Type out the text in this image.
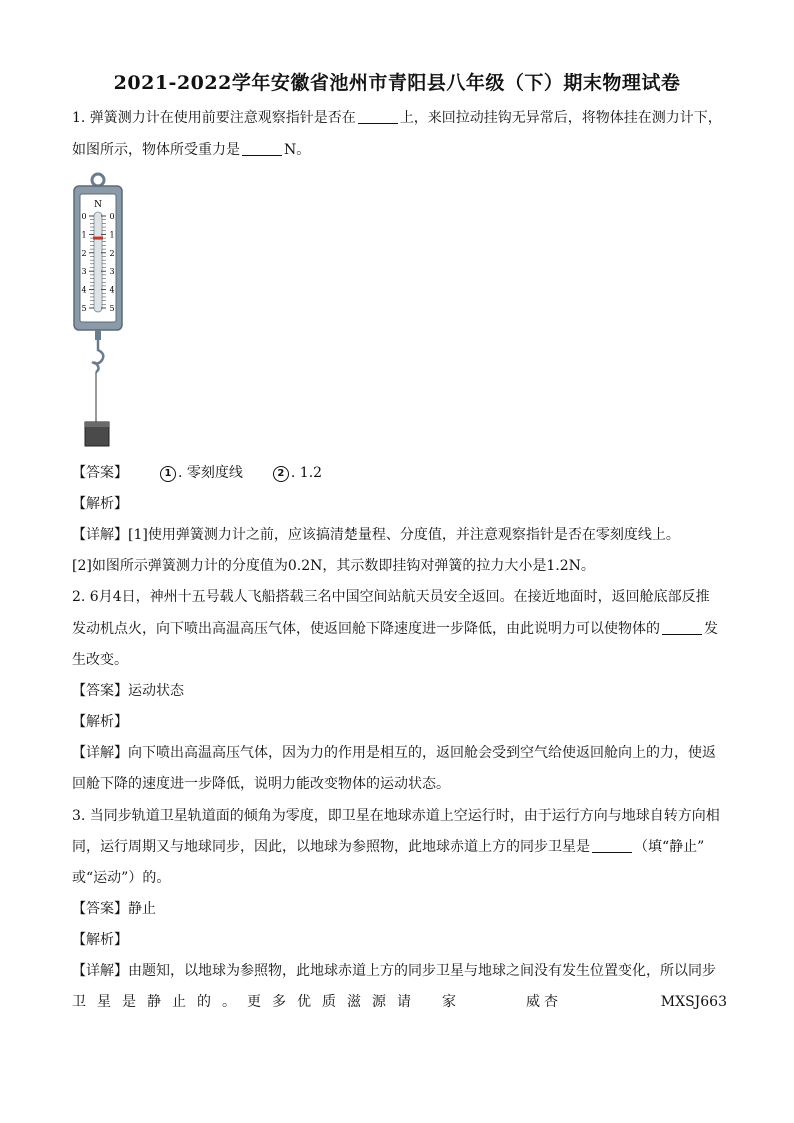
2021-2022学年安徽省池州市青阳县八年级（下）期末物理试卷
1. 弹簧测力计在使用前要注意观察指针是否在	上，来回拉动挂钩无异常后，将物体挂在测力计下，
如图所示，物体所受重力是	N。
N
0
1
2
3
4
5
0
1
2
3
4
5
【答案】	1 . 零刻度线	2 . 1.2
【解析】
【详解】[1]使用弹簧测力计之前，应该搞清楚量程、分度值，并注意观察指针是否在零刻度线上。
[2]如图所示弹簧测力计的分度值为0.2N，其示数即挂钩对弹簧的拉力大小是1.2N。
2. 6月4日，神州十五号载人飞船搭载三名中国空间站航天员安全返回。在接近地面时，返回舱底部反推
发动机点火，向下喷出高温高压气体，使返回舱下降速度进一步降低，由此说明力可以使物体的	发
生改变。
【答案】运动状态
【解析】
【详解】向下喷出高温高压气体，因为力的作用是相互的，返回舱会受到空气给使返回舱向上的力，使返
回舱下降的速度进一步降低，说明力能改变物体的运动状态。
3. 当同步轨道卫星轨道面的倾角为零度，即卫星在地球赤道上空运行时，由于运行方向与地球自转方向相
同，运行周期又与地球同步，因此，以地球为参照物，此地球赤道上方的同步卫星是	（填“静止”
或“运动”）的。
【答案】静止
【解析】
【详解】由题知，以地球为参照物，此地球赤道上方的同步卫星与地球之间没有发生位置变化，所以同步
卫星是静止的。更多优质滋源请 家	威杏	MXSJ663
